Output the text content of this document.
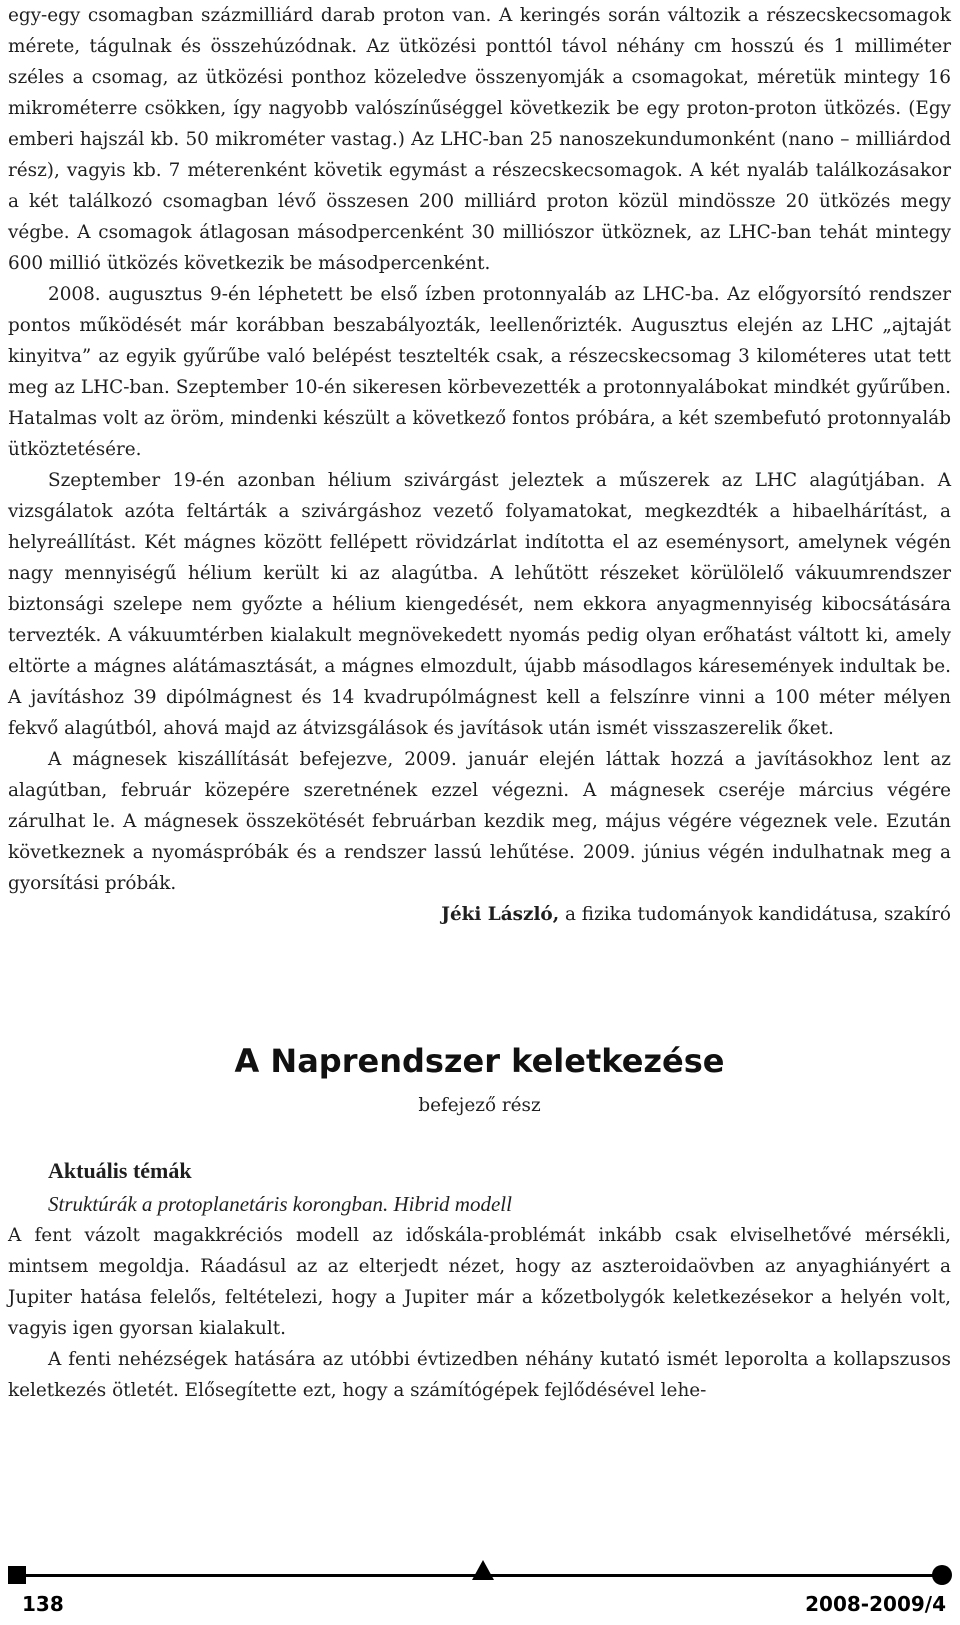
egy-egy csomagban százmilliárd darab proton van. A keringés során változik a részecskecsomagok mérete, tágulnak és összehúzódnak. Az ütközési ponttól távol néhány cm hosszú és 1 milliméter széles a csomag, az ütközési ponthoz közeledve összenyomják a csomagokat, méretük mintegy 16 mikrométerre csökken, így nagyobb valószínűséggel következik be egy proton-proton ütközés. (Egy emberi hajszál kb. 50 mikrométer vastag.) Az LHC-ban 25 nanoszekundumonként (nano – milliárdod rész), vagyis kb. 7 méterenként követik egymást a részecskecsomagok. A két nyaláb találkozásakor a két találkozó csomagban lévő összesen 200 milliárd proton közül mindössze 20 ütközés megy végbe. A csomagok átlagosan másodpercenként 30 milliószor ütköznek, az LHC-ban tehát mintegy 600 millió ütközés következik be másodpercenként.

2008. augusztus 9-én léphetett be első ízben protonnyaláb az LHC-ba. Az előgyorsító rendszer pontos működését már korábban beszabályozták, leellenőrizték. Augusztus elején az LHC „ajtaját kinyitva” az egyik gyűrűbe való belépést tesztelték csak, a részecskecsomag 3 kilométeres utat tett meg az LHC-ban. Szeptember 10-én sikeresen körbevezették a protonnyalábokat mindkét gyűrűben. Hatalmas volt az öröm, mindenki készült a következő fontos próbára, a két szembefutó protonnyaláb ütköztetésére.

Szeptember 19-én azonban hélium szivárgást jeleztek a műszerek az LHC alagútjában. A vizsgálatok azóta feltárták a szivárgáshoz vezető folyamatokat, megkezdték a hibaelhárítást, a helyreállítást. Két mágnes között fellépett rövidzárlat indította el az eseménysort, amelynek végén nagy mennyiségű hélium került ki az alagútba. A lehűtött részeket körülölelő vákuumrendszer biztonsági szelepe nem győzte a hélium kiengedését, nem ekkora anyagmennyiség kibocsátására tervezték. A vákuumtérben kialakult megnövekedett nyomás pedig olyan erőhatást váltott ki, amely eltörte a mágnes alátámasztását, a mágnes elmozdult, újabb másodlagos káresemények indultak be. A javításhoz 39 dipólmágnest és 14 kvadrupólmágnest kell a felszínre vinni a 100 méter mélyen fekvő alagútból, ahová majd az átvizsgálások és javítások után ismét visszaszerelik őket.

A mágnesek kiszállítását befejezve, 2009. január elején láttak hozzá a javításokhoz lent az alagútban, február közepére szeretnének ezzel végezni. A mágnesek cseréje március végére zárulhat le. A mágnesek összekötését februárban kezdik meg, május végére végeznek vele. Ezután következnek a nyomáspróbák és a rendszer lassú lehűtése. 2009. június végén indulhatnak meg a gyorsítási próbák.

Jéki László, a fizika tudományok kandidátusa, szakíró

A Naprendszer keletkezése

befejező rész

Aktuális témák
Struktúrák a protoplanetáris korongban. Hibrid modell

A fent vázolt magakkréciós modell az időskála-problémát inkább csak elviselhetővé mérsékli, mintsem megoldja. Ráadásul az az elterjedt nézet, hogy az aszteroidaövben az anyaghiányért a Jupiter hatása felelős, feltételezi, hogy a Jupiter már a kőzetbolygók keletkezésekor a helyén volt, vagyis igen gyorsan kialakult.

A fenti nehézségek hatására az utóbbi évtizedben néhány kutató ismét leporolta a kollapszusos keletkezés ötletét. Elősegítette ezt, hogy a számítógépek fejlődésével lehe-

138	2008-2009/4
